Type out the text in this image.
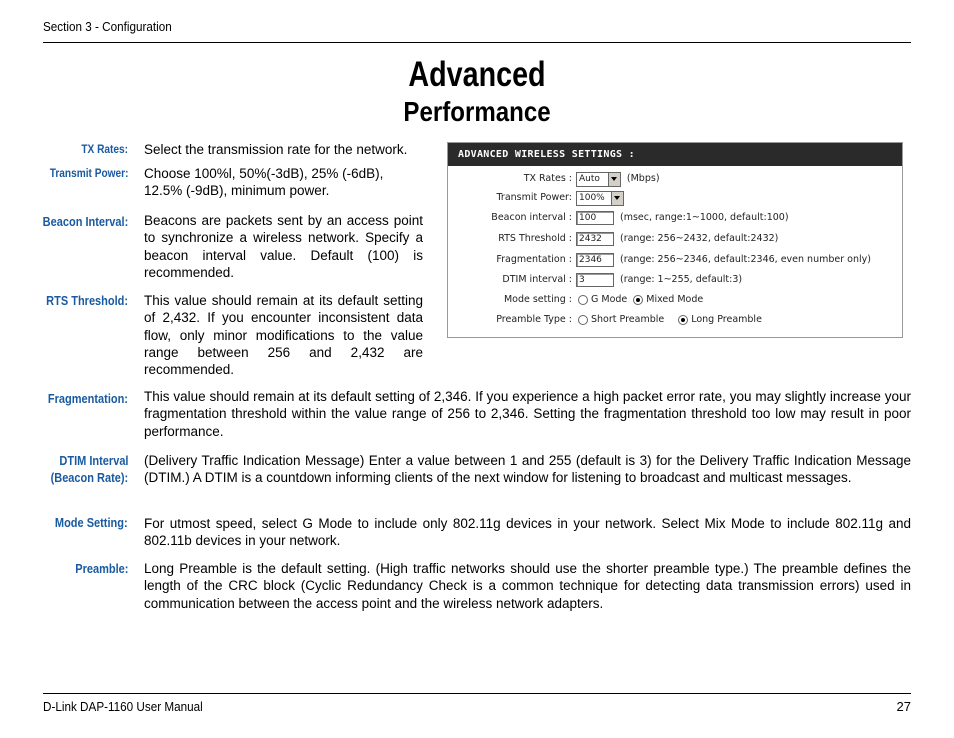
Section 3 - Configuration
Advanced
Performance
TX Rates: Select the transmission rate for the network.
Transmit Power: Choose 100%l, 50%(-3dB), 25% (-6dB), 12.5% (-9dB), minimum power.
Beacon Interval: Beacons are packets sent by an access point to synchronize a wireless network. Specify a beacon interval value. Default (100) is recommended.
RTS Threshold: This value should remain at its default setting of 2,432. If you encounter inconsistent data flow, only minor modifications to the value range between 256 and 2,432 are recommended.
Fragmentation: This value should remain at its default setting of 2,346. If you experience a high packet error rate, you may slightly increase your fragmentation threshold within the value range of 256 to 2,346. Setting the fragmentation threshold too low may result in poor performance.
DTIM Interval
(Beacon Rate):
(Delivery Traffic Indication Message) Enter a value between 1 and 255 (default is 3) for the Delivery Traffic Indication Message (DTIM.) A DTIM is a countdown informing clients of the next window for listening to broadcast and multicast messages.
Mode Setting: For utmost speed, select G Mode to include only 802.11g devices in your network. Select Mix Mode to include 802.11g and 802.11b devices in your network.
Preamble: Long Preamble is the default setting. (High traffic networks should use the shorter preamble type.) The preamble defines the length of the CRC block (Cyclic Redundancy Check is a common technique for detecting data transmission errors) used in communication between the access point and the wireless network adapters.
ADVANCED WIRELESS SETTINGS :
TX Rates : Auto	(Mbps)
Transmit Power: 100%
Beacon interval : 100	(msec, range:1~1000, default:100)
RTS Threshold : 2432	(range: 256~2432, default:2432)
Fragmentation : 2346	(range: 256~2346, default:2346, even number only)
DTIM interval : 3	(range: 1~255, default:3)
Mode setting : G Mode Mixed Mode
Preamble Type : Short Preamble	Long Preamble
D-Link DAP-1160 User Manual	27
